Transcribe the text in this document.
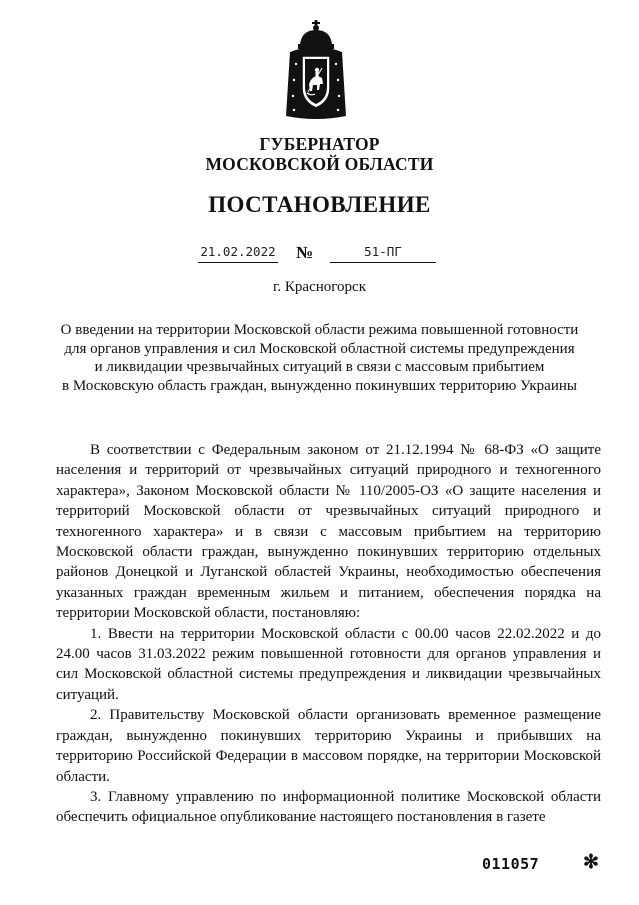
ГУБЕРНАТОР
МОСКОВСКОЙ ОБЛАСТИ
ПОСТАНОВЛЕНИЕ
21.02.2022 №	51-ПГ
г. Красногорск
О введении на территории Московской области режима повышенной готовности
для органов управления и сил Московской областной системы предупреждения
и ликвидации чрезвычайных ситуаций в связи с массовым прибытием
в Московскую область граждан, вынужденно покинувших территорию Украины

В соответствии с Федеральным законом от 21.12.1994 № 68-ФЗ «О защите населения и территорий от чрезвычайных ситуаций природного и техногенного характера», Законом Московской области № 110/2005-ОЗ «О защите населения и территорий Московской области от чрезвычайных ситуаций природного и техногенного характера» и в связи с массовым прибытием на территорию Московской области граждан, вынужденно покинувших территорию отдельных районов Донецкой и Луганской областей Украины, необходимостью обеспечения указанных граждан временным жильем и питанием, обеспечения порядка на территории Московской области, постановляю:

1. Ввести на территории Московской области с 00.00 часов 22.02.2022 и до 24.00 часов 31.03.2022 режим повышенной готовности для органов управления и сил Московской областной системы предупреждения и ликвидации чрезвычайных ситуаций.

2. Правительству Московской области организовать временное размещение граждан, вынужденно покинувших территорию Украины и прибывших на территорию Российской Федерации в массовом порядке, на территории Московской области.

3. Главному управлению по информационной политике Московской области обеспечить официальное опубликование настоящего постановления в газете

011057 ✻
